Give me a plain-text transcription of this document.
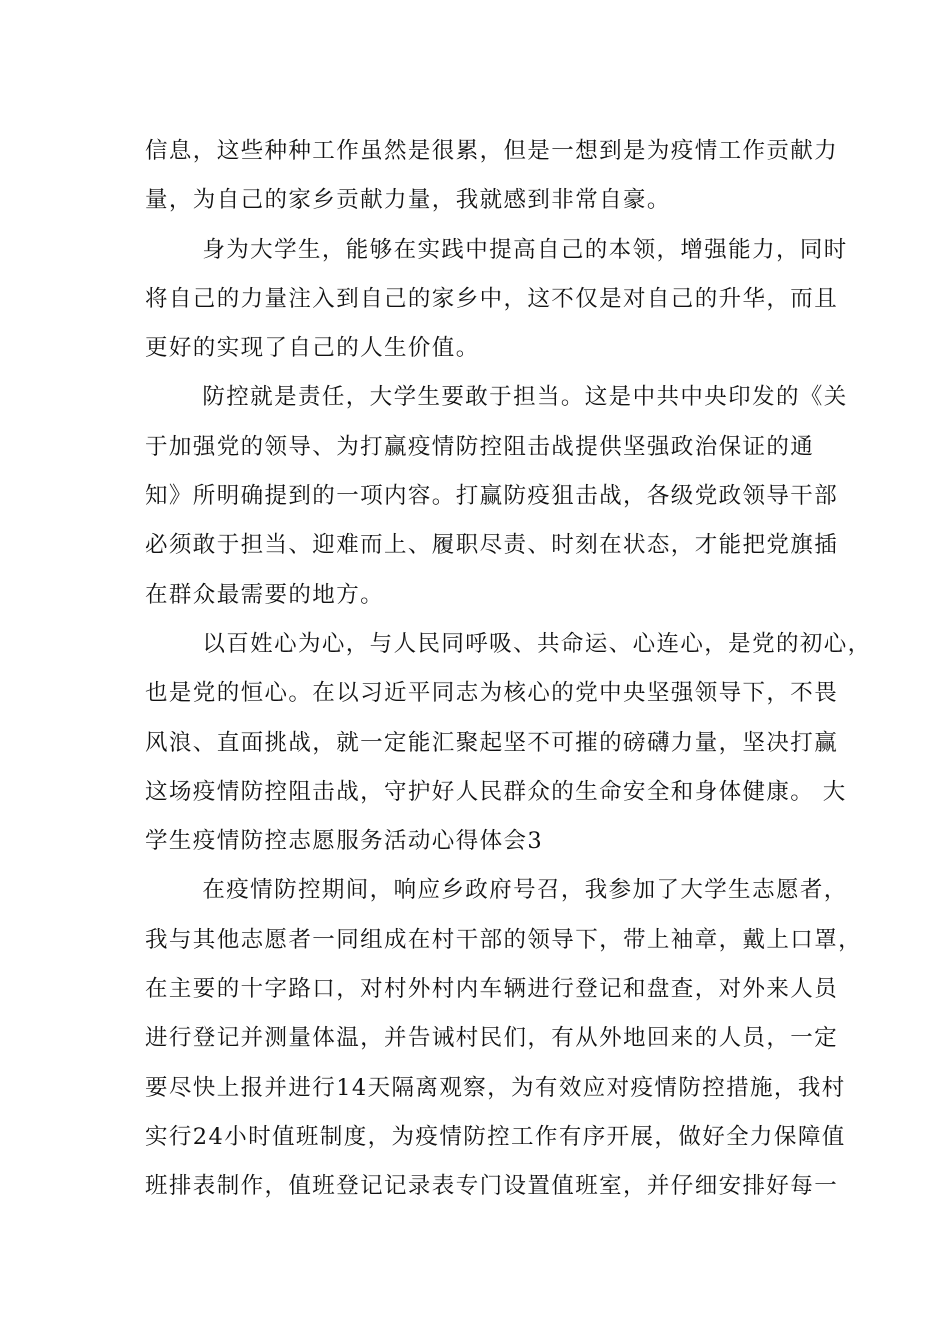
信息，这些种种工作虽然是很累，但是一想到是为疫情工作贡献力
量，为自己的家乡贡献力量，我就感到非常自豪。

身为大学生，能够在实践中提高自己的本领，增强能力，同时
将自己的力量注入到自己的家乡中，这不仅是对自己的升华，而且
更好的实现了自己的人生价值。

防控就是责任，大学生要敢于担当。这是中共中央印发的《关
于加强党的领导、为打赢疫情防控阻击战提供坚强政治保证的通
知》所明确提到的一项内容。打赢防疫狙击战，各级党政领导干部
必须敢于担当、迎难而上、履职尽责、时刻在状态，才能把党旗插
在群众最需要的地方。

以百姓心为心，与人民同呼吸、共命运、心连心，是党的初心，
也是党的恒心。在以习近平同志为核心的党中央坚强领导下，不畏
风浪、直面挑战，就一定能汇聚起坚不可摧的磅礴力量，坚决打赢
这场疫情防控阻击战，守护好人民群众的生命安全和身体健康。 大
学生疫情防控志愿服务活动心得体会3

在疫情防控期间，响应乡政府号召，我参加了大学生志愿者，
我与其他志愿者一同组成在村干部的领导下，带上袖章，戴上口罩，
在主要的十字路口，对村外村内车辆进行登记和盘查，对外来人员
进行登记并测量体温，并告诫村民们，有从外地回来的人员，一定
要尽快上报并进行14天隔离观察，为有效应对疫情防控措施，我村
实行24小时值班制度，为疫情防控工作有序开展，做好全力保障值
班排表制作，值班登记记录表专门设置值班室，并仔细安排好每一
